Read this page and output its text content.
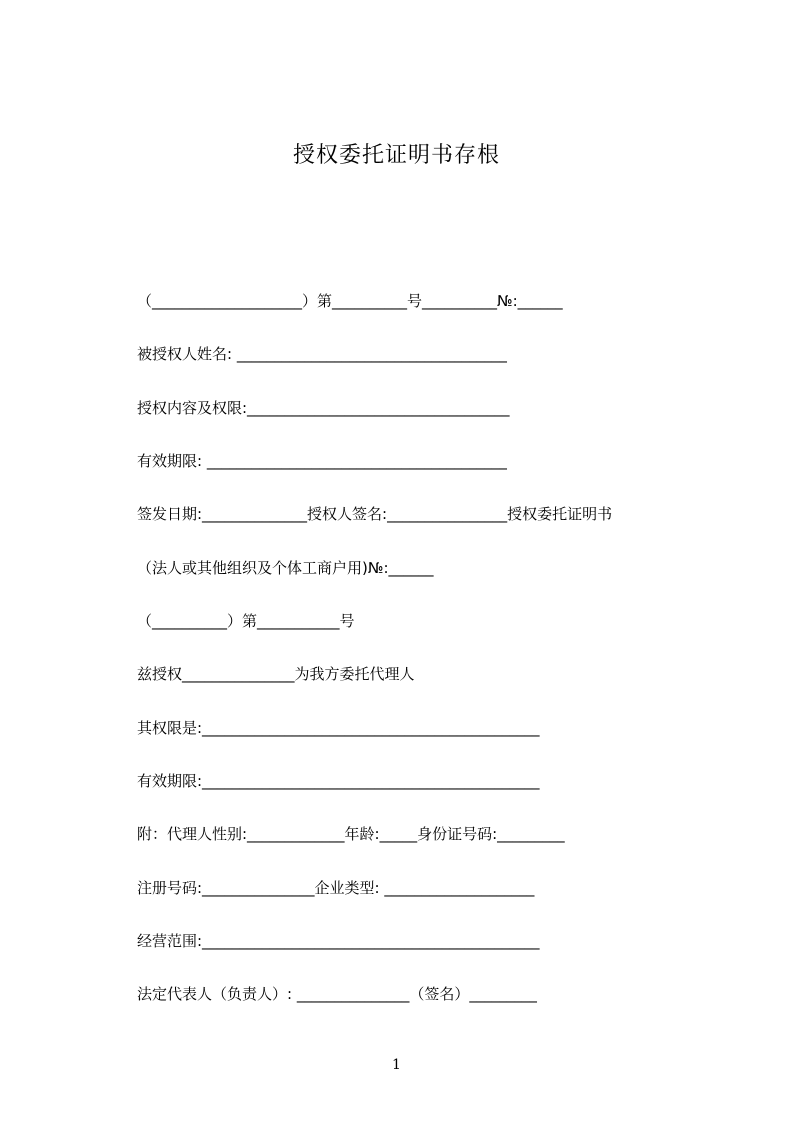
授权委托证明书存根
（____________________）第__________号__________№:______
被授权人姓名: ____________________________________
授权内容及权限:___________________________________
有效期限: ________________________________________
签发日期:______________授权人签名:________________授权委托证明书
（法人或其他组织及个体工商户用)№:______
（__________）第___________号
兹授权_______________为我方委托代理人
其权限是:_____________________________________________
有效期限:_____________________________________________
附：代理人性别:_____________年龄:_____身份证号码:_________
注册号码:_______________企业类型: ____________________
经营范围:_____________________________________________
法定代表人（负责人）: _______________（签名）_________
1
